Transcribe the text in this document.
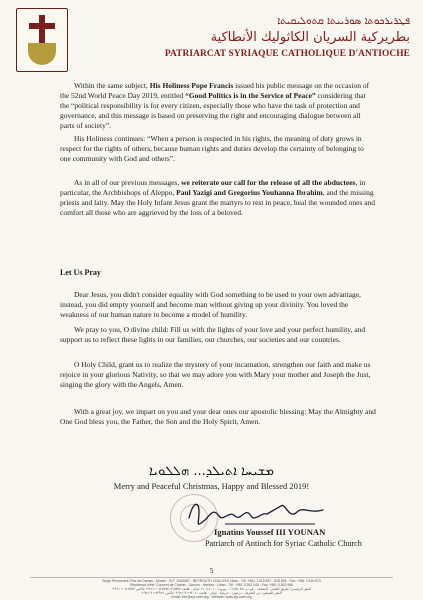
ܦܛܪܝܪܟܘܬܐ ܣܘܪܝܝܬܐ ܩܬܘܠܝܩܝܬܐ
بطريركية السريان الكاثوليك الأنطاكية
PATRIARCAT SYRIAQUE CATHOLIQUE D'ANTIOCHE

Within the same subject, His Holiness Pope Francis issued his public message on the occasion of the 52nd World Peace Day 2019, entitled “Good Politics is in the Service of Peace” considering that the “political responsibility is for every citizen, especially those who have the task of protection and governance, and this message is based on preserving the right and encouraging dialogue between all parts of society”.

His Holiness continues: “When a person is respected in his rights, the meaning of duty grows in respect for the rights of others, because human rights and duties develop the certainty of belonging to one community with God and others”.

As in all of our previous messages, we reiterate our call for the release of all the abductees, in particular, the Archbishops of Aleppo, Paul Yazigi and Gregorius Youhanna Ibrahim, and the missing priests and laity. May the Holy Infant Jesus grant the martyrs to rest in peace, heal the wounded ones and comfort all those who are aggrieved by the loss of a beloved.

Let Us Pray

Dear Jesus, you didn't consider equality with God something to be used to your own advantage, instead, you did empty yourself and become man without giving up your divinity. You loved the weakness of our human nature to become a model of humility.

We pray to you, O divine child: Fill us with the lights of your love and your perfect humility, and support us to reflect these lights in our families, our churches, our societies and our countries.

O Holy Child, grant us to realize the mystery of your incarnation, strengthen our faith and make us rejoice in your glorious Nativity, so that we may adore you with Mary your mother and Joseph the Just, singing the glory with the Angels, Amen.

With a great joy, we impart on you and your dear ones our apostolic blessing: May the Almighty and One God bless you, the Father, the Son and the Holy Spirit, Amen.

ܡܫܝܚܐ ܐܬܝܠܕ... ܗܠܠܘܝܐ
Merry and Peaceful Christmas, Happy and Blessed 2019!
Ignatius Youssef III YOUNAN
Patriarch of Antioch for Syriac Catholic Church
5
Siège Permanent: Rue de Damas - Musée - B.P. 116/5087 - BEYROUTH 1106-2010 Liban - Tél. +961 1 615 892 - 615 894 - Fax: +961 1 616 573
Résidence d'été: Couvent de Charfet - Daroun - Harissa - Liban - Tél. +961 9 263 040 - Fax: +961 9 263 966
المقر الرئيسي: طريق الشام - المتحف - ص.ب. ١١٦/٥٠٨٧ - بيروت ٢٠١٠-١١٠٦ لبنان - هاتف ٦١٥٨٩٢-٦١٥٨٩٤ ١ ٩٦١+ فاكس ٦١٦٥٧٣ ١ ٩٦١+
المقر الصيفي: دير الشرفة - درعون - حريصا - لبنان - هاتف ٢٦٣٠٤٠ ٩ ٩٦١+ فاكس ٢٦٣٩٦٦ ٩ ٩٦١+
Email: info@syr-cath.org - Website: www.syr-cath.org
